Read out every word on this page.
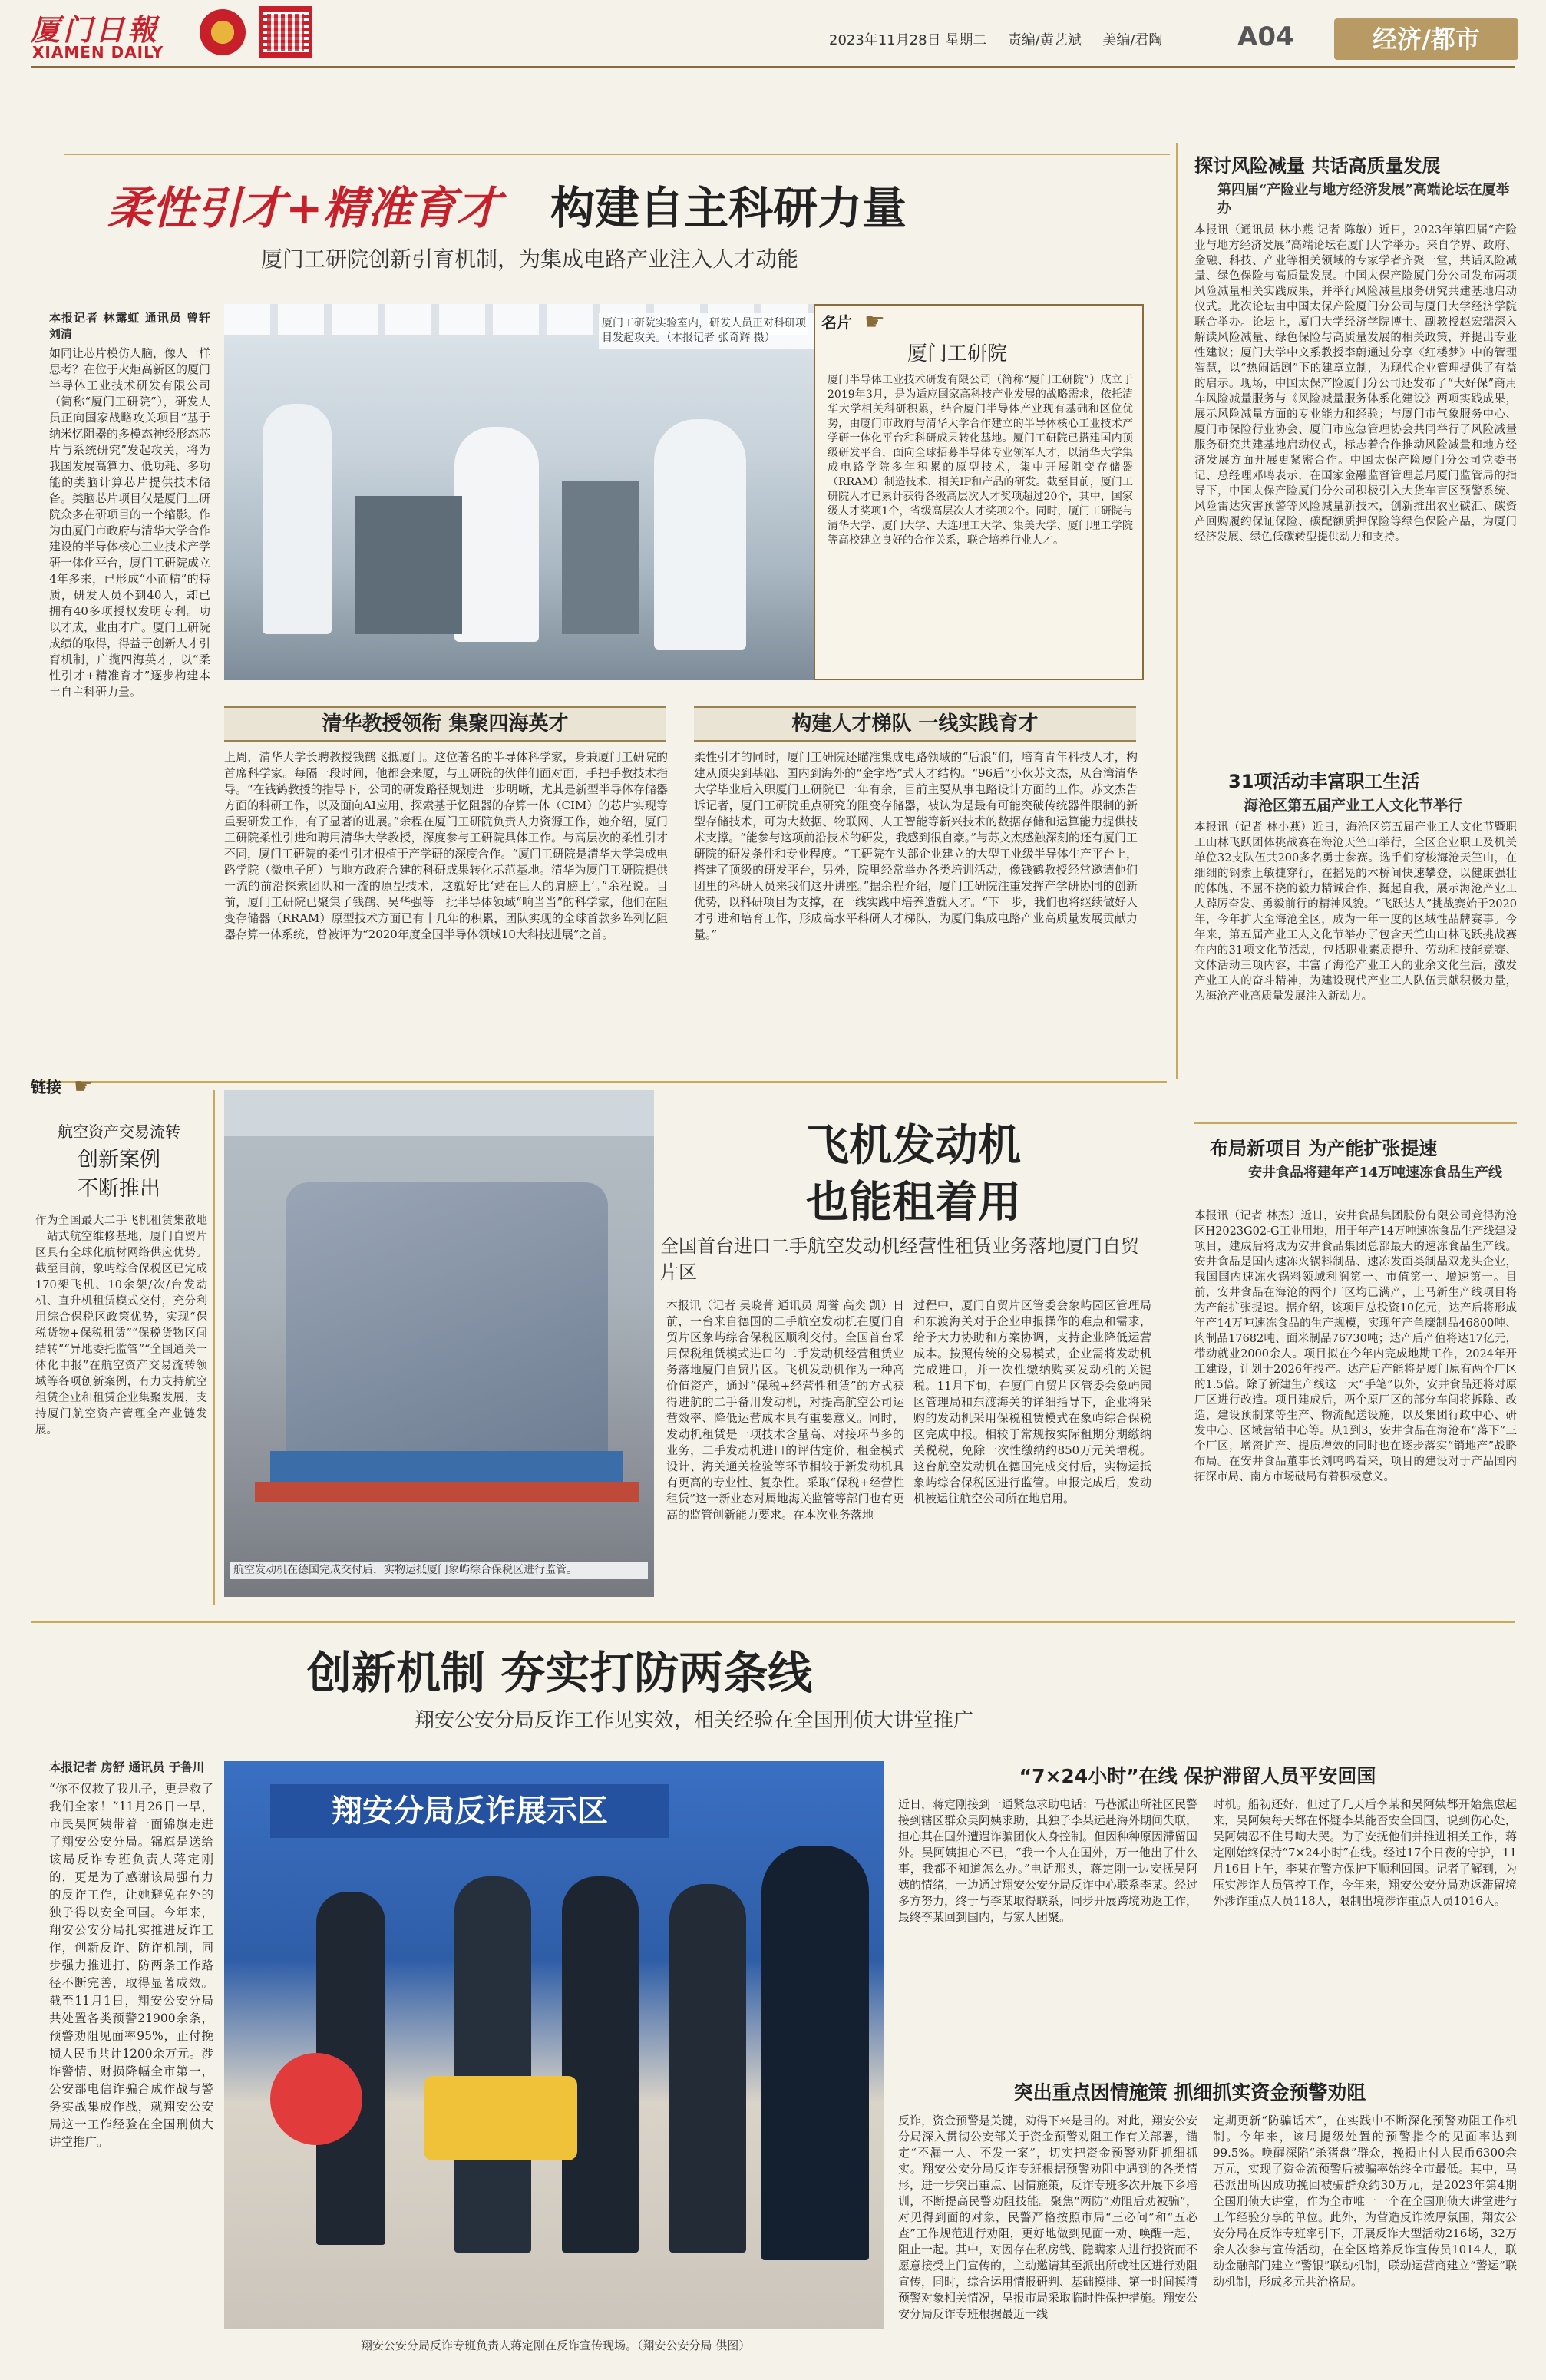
厦门日報
XIAMEN DAILY
2023年11月28日 星期二 责编/黄艺斌 美编/君陶	A04	经济/都市
柔性引才+精准育才 构建自主科研力量
厦门工研院创新引育机制，为集成电路产业注入人才动能
本报记者 林露虹 通讯员 曾轩 刘清
如同让芯片模仿人脑，像人一样思考？在位于火炬高新区的厦门半导体工业技术研发有限公司（简称“厦门工研院”），研发人员正向国家战略攻关项目“基于纳米忆阻器的多模态神经形态芯片与系统研究”发起攻关，将为我国发展高算力、低功耗、多功能的类脑计算芯片提供技术储备。类脑芯片项目仅是厦门工研院众多在研项目的一个缩影。作为由厦门市政府与清华大学合作建设的半导体核心工业技术产学研一体化平台，厦门工研院成立4年多来，已形成“小而精”的特质，研发人员不到40人，却已拥有40多项授权发明专利。功以才成，业由才广。厦门工研院成绩的取得，得益于创新人才引育机制，广揽四海英才，以“柔性引才+精准育才”逐步构建本土自主科研力量。
厦门工研院实验室内，研发人员正对科研项目发起攻关。（本报记者 张奇辉 摄）
名片 ☛
厦门工研院
厦门半导体工业技术研发有限公司（简称“厦门工研院”）成立于2019年3月，是为适应国家高科技产业发展的战略需求，依托清华大学相关科研积累，结合厦门半导体产业现有基础和区位优势，由厦门市政府与清华大学合作建立的半导体核心工业技术产学研一体化平台和科研成果转化基地。厦门工研院已搭建国内顶级研发平台，面向全球招募半导体专业领军人才，以清华大学集成电路学院多年积累的原型技术，集中开展阻变存储器（RRAM）制造技术、相关IP和产品的研发。截至目前，厦门工研院人才已累计获得各级高层次人才奖项超过20个，其中，国家级人才奖项1个，省级高层次人才奖项2个。同时，厦门工研院与清华大学、厦门大学、大连理工大学、集美大学、厦门理工学院等高校建立良好的合作关系，联合培养行业人才。
清华教授领衔 集聚四海英才	构建人才梯队 一线实践育才
上周，清华大学长聘教授钱鹤飞抵厦门。这位著名的半导体科学家，身兼厦门工研院的首席科学家。每隔一段时间，他都会来厦，与工研院的伙伴们面对面，手把手教技术指导。“在钱鹤教授的指导下，公司的研发路径规划进一步明晰，尤其是新型半导体存储器方面的科研工作，以及面向AI应用、探索基于忆阻器的存算一体（CIM）的芯片实现等重要研发工作，有了显著的进展。”余程在厦门工研院负责人力资源工作，她介绍，厦门工研院柔性引进和聘用清华大学教授，深度参与工研院具体工作。与高层次的柔性引才不同，厦门工研院的柔性引才根植于产学研的深度合作。“厦门工研院是清华大学集成电路学院（微电子所）与地方政府合建的科研成果转化示范基地。清华为厦门工研院提供一流的前沿探索团队和一流的原型技术，这就好比‘站在巨人的肩膀上’。”余程说。目前，厦门工研院已聚集了钱鹤、吴华强等一批半导体领域“响当当”的科学家，他们在阻变存储器（RRAM）原型技术方面已有十几年的积累，团队实现的全球首款多阵列忆阻器存算一体系统，曾被评为“2020年度全国半导体领域10大科技进展”之首。
柔性引才的同时，厦门工研院还瞄准集成电路领域的“后浪”们，培育青年科技人才，构建从顶尖到基础、国内到海外的“金字塔”式人才结构。“96后”小伙苏文杰，从台湾清华大学毕业后入职厦门工研院已一年有余，目前主要从事电路设计方面的工作。苏文杰告诉记者，厦门工研院重点研究的阻变存储器，被认为是最有可能突破传统器件限制的新型存储技术，可为大数据、物联网、人工智能等新兴技术的数据存储和运算能力提供技术支撑。“能参与这项前沿技术的研发，我感到很自豪。”与苏文杰感触深刻的还有厦门工研院的研发条件和专业程度。“工研院在头部企业建立的大型工业级半导体生产平台上，搭建了顶级的研发平台，另外，院里经常举办各类培训活动，像钱鹤教授经常邀请他们团里的科研人员来我们这开讲座。”据余程介绍，厦门工研院注重发挥产学研协同的创新优势，以科研项目为支撑，在一线实践中培养造就人才。“下一步，我们也将继续做好人才引进和培育工作，形成高水平科研人才梯队，为厦门集成电路产业高质量发展贡献力量。”
探讨风险减量 共话高质量发展
第四届“产险业与地方经济发展”高端论坛在厦举办
本报讯（通讯员 林小燕 记者 陈敏）近日，2023年第四届“产险业与地方经济发展”高端论坛在厦门大学举办。来自学界、政府、金融、科技、产业等相关领域的专家学者齐聚一堂，共话风险减量、绿色保险与高质量发展。中国太保产险厦门分公司发布两项风险减量相关实践成果，并举行风险减量服务研究共建基地启动仪式。此次论坛由中国太保产险厦门分公司与厦门大学经济学院联合举办。论坛上，厦门大学经济学院博士、副教授赵宏瑞深入解读风险减量、绿色保险与高质量发展的相关政策，并提出专业性建议；厦门大学中文系教授李蔚通过分享《红楼梦》中的管理智慧，以“热闹话剧”下的建章立制，为现代企业管理提供了有益的启示。现场，中国太保产险厦门分公司还发布了“大好保”商用车风险减量服务与《风险减量服务体系化建设》两项实践成果，展示风险减量方面的专业能力和经验；与厦门市气象服务中心、厦门市保险行业协会、厦门市应急管理协会共同举行了风险减量服务研究共建基地启动仪式，标志着合作推动风险减量和地方经济发展方面开展更紧密合作。中国太保产险厦门分公司党委书记、总经理邓鸣表示，在国家金融监督管理总局厦门监管局的指导下，中国太保产险厦门分公司积极引入大货车盲区预警系统、风险雷达灾害预警等风险减量新技术，创新推出农业碳汇、碳资产回购履约保证保险、碳配额质押保险等绿色保险产品，为厦门经济发展、绿色低碳转型提供动力和支持。
31项活动丰富职工生活
海沧区第五届产业工人文化节举行
本报讯（记者 林小燕）近日，海沧区第五届产业工人文化节暨职工山林飞跃团体挑战赛在海沧天竺山举行，全区企业职工及机关单位32支队伍共200多名勇士参赛。选手们穿梭海沧天竺山，在细细的钢索上敏捷穿行，在摇晃的木桥间快速攀登，以健康强壮的体魄、不屈不挠的毅力精诚合作，挺起自我，展示海沧产业工人踔厉奋发、勇毅前行的精神风貌。“飞跃达人”挑战赛始于2020年，今年扩大至海沧全区，成为一年一度的区域性品牌赛事。今年来，第五届产业工人文化节举办了包含天竺山山林飞跃挑战赛在内的31项文化节活动，包括职业素质提升、劳动和技能竞赛、文体活动三项内容，丰富了海沧产业工人的业余文化生活，激发产业工人的奋斗精神，为建设现代产业工人队伍贡献积极力量，为海沧产业高质量发展注入新动力。
布局新项目 为产能扩张提速
安井食品将建年产14万吨速冻食品生产线
本报讯（记者 林杰）近日，安井食品集团股份有限公司竞得海沧区H2023G02-G工业用地，用于年产14万吨速冻食品生产线建设项目，建成后将成为安井食品集团总部最大的速冻食品生产线。安井食品是国内速冻火锅料制品、速冻发面类制品双龙头企业，我国国内速冻火锅料领域利润第一、市值第一、增速第一。目前，安井食品在海沧的两个厂区均已满产，上马新生产线项目将为产能扩张提速。据介绍，该项目总投资10亿元，达产后将形成年产14万吨速冻食品的生产规模，实现年产鱼糜制品46800吨、肉制品17682吨、面米制品76730吨；达产后产值将达17亿元，带动就业2000余人。项目拟在今年内完成地勘工作，2024年开工建设，计划于2026年投产。达产后产能将是厦门原有两个厂区的1.5倍。除了新建生产线这一大“手笔”以外，安井食品还将对原厂区进行改造。项目建成后，两个原厂区的部分车间将拆除、改造，建设预制菜等生产、物流配送设施，以及集团行政中心、研发中心、区域营销中心等。从1到3，安井食品在海沧布“落下”三个厂区，增资扩产、提质增效的同时也在逐步落实“销地产”战略布局。在安井食品董事长刘鸣鸣看来，项目的建设对于产品国内拓深市局、南方市场破局有着积极意义。
链接 ☛
航空资产交易流转
创新案例
不断推出
作为全国最大二手飞机租赁集散地一站式航空维修基地，厦门自贸片区具有全球化航材网络供应优势。截至目前，象屿综合保税区已完成170架飞机、10余架/次/台发动机、直升机租赁模式交付，充分利用综合保税区政策优势，实现“保税货物+保税租赁”“保税货物区间结转”“异地委托监管”“全国通关一体化申报”在航空资产交易流转领域等各项创新案例，有力支持航空租赁企业和租赁企业集聚发展，支持厦门航空资产管理全产业链发展。
航空发动机在德国完成交付后，实物运抵厦门象屿综合保税区进行监管。
飞机发动机
也能租着用
全国首台进口二手航空发动机经营性租赁业务落地厦门自贸片区
本报讯（记者 吴晓菁 通讯员 周誉 高奕 凯）日前，一台来自德国的二手航空发动机在厦门自贸片区象屿综合保税区顺利交付。全国首台采用保税租赁模式进口的二手发动机经营租赁业务落地厦门自贸片区。飞机发动机作为一种高价值资产，通过“保税+经营性租赁”的方式获得进航的二手备用发动机，对提高航空公司运营效率、降低运营成本具有重要意义。同时，发动机租赁是一项技术含量高、对接环节多的业务，二手发动机进口的评估定价、租金模式设计、海关通关检验等环节相较于新发动机具有更高的专业性、复杂性。采取“保税+经营性租赁”这一新业态对属地海关监管等部门也有更高的监管创新能力要求。在本次业务落地
过程中，厦门自贸片区管委会象屿园区管理局和东渡海关对于企业申报操作的难点和需求，给予大力协助和方案协调，支持企业降低运营成本。按照传统的交易模式，企业需将发动机完成进口，并一次性缴纳购买发动机的关键税。11月下旬，在厦门自贸片区管委会象屿园区管理局和东渡海关的详细指导下，企业将采购的发动机采用保税租赁模式在象屿综合保税区完成申报。相较于常规按实际租期分期缴纳关税税，免除一次性缴纳约850万元关增税。这台航空发动机在德国完成交付后，实物运抵象屿综合保税区进行监管。申报完成后，发动机被运往航空公司所在地启用。
创新机制 夯实打防两条线
翔安公安分局反诈工作见实效，相关经验在全国刑侦大讲堂推广
本报记者 房舒 通讯员 于鲁川
“你不仅救了我儿子，更是救了我们全家！”11月26日一早，市民吴阿姨带着一面锦旗走进了翔安公安分局。锦旗是送给该局反诈专班负责人蒋定刚的，更是为了感谢该局强有力的反诈工作，让她避免在外的独子得以安全回国。今年来，翔安公安分局扎实推进反诈工作，创新反诈、防诈机制，同步强力推进打、防两条工作路径不断完善，取得显著成效。截至11月1日，翔安公安分局共处置各类预警21900余条，预警劝阻见面率95%，止付挽损人民币共计1200余万元。涉诈警情、财损降幅全市第一，公安部电信诈骗合成作战与警务实战集成作战，就翔安公安局这一工作经验在全国刑侦大讲堂推广。
翔安分局反诈展示区
翔安公安分局反诈专班负责人蒋定刚在反诈宣传现场。（翔安公安分局 供图）
“7×24小时”在线 保护滞留人员平安回国
近日，蒋定刚接到一通紧急求助电话：马巷派出所社区民警接到辖区群众吴阿姨求助，其独子李某远赴海外期间失联，担心其在国外遭遇诈骗团伙人身控制。但因种种原因滞留国外。吴阿姨担心不已，“我一个人在国外，万一他出了什么事，我都不知道怎么办。”电话那头，蒋定刚一边安抚吴阿姨的情绪，一边通过翔安公安分局反诈中心联系李某。经过多方努力，终于与李某取得联系，同步开展跨境劝返工作，最终李某回到国内，与家人团聚。
时机。船初还好，但过了几天后李某和吴阿姨都开始焦虑起来，吴阿姨每天都在怀疑李某能否安全回国，说到伤心处，吴阿姨忍不住号啕大哭。为了安抚他们并推进相关工作，蒋定刚始终保持“7×24小时”在线。经过17个日夜的守护，11月16日上午，李某在警方保护下顺利回国。记者了解到，为压实涉诈人员管控工作，今年来，翔安公安分局劝返滞留境外涉诈重点人员118人，限制出境涉诈重点人员1016人。
突出重点因情施策 抓细抓实资金预警劝阻
反诈，资金预警是关键，劝得下来是目的。对此，翔安公安分局深入贯彻公安部关于资金预警劝阻工作有关部署，锚定“不漏一人、不发一案”，切实把资金预警劝阻抓细抓实。翔安公安分局反诈专班根据预警劝阻中遇到的各类情形，进一步突出重点、因情施策，反诈专班多次开展下乡培训，不断提高民警劝阻技能。聚焦“两防”劝阻后劝被骗”，对见得到面的对象，民警严格按照市局“三必问”和“五必查”工作规范进行劝阻，更好地做到见面一劝、唤醒一起、阻止一起。其中，对因存在私房钱、隐瞒家人进行投资而不愿意接受上门宣传的，主动邀请其至派出所或社区进行劝阻宣传，同时，综合运用情报研判、基础摸排、第一时间摸清预警对象相关情况，呈报市局采取临时性保护措施。翔安公安分局反诈专班根据最近一线
定期更新“防骗话术”，在实践中不断深化预警劝阻工作机制。今年来，该局提级处置的预警指令的见面率达到99.5%。唤醒深陷“杀猪盘”群众，挽损止付人民币6300余万元，实现了资金流预警后被骗率始终全市最低。其中，马巷派出所因成功挽回被骗群众约30万元，是2023年第4期全国刑侦大讲堂，作为全市唯一一个在全国刑侦大讲堂进行工作经验分享的单位。此外，为营造反诈浓厚氛围，翔安公安分局在反诈专班率引下，开展反诈大型活动216场，32万余人次参与宣传活动，在全区培养反诈宣传员1014人，联动金融部门建立“警银”联动机制，联动运营商建立“警运”联动机制，形成多元共治格局。
